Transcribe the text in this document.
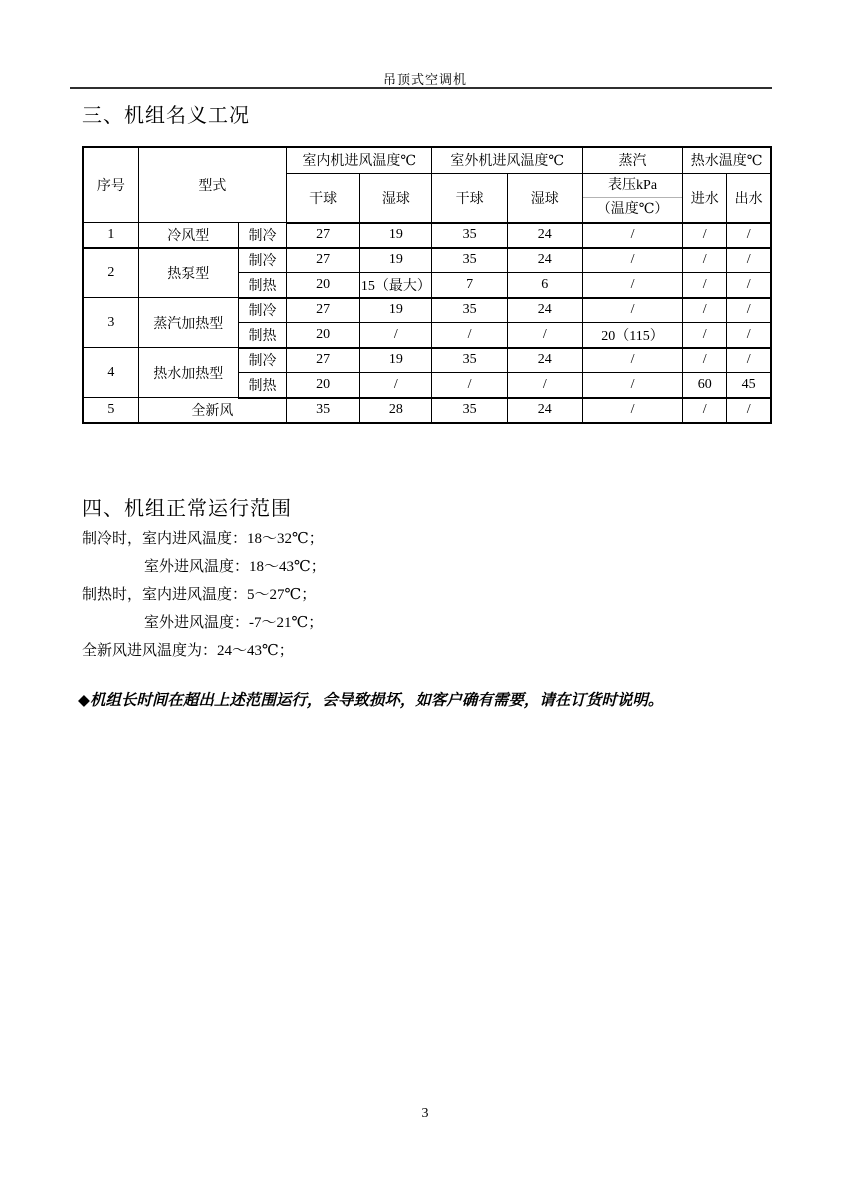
吊顶式空调机
三、机组名义工况
序号	型式		室内机进风温度℃		室外机进风温度℃		蒸汽	热水温度℃	
			干球	湿球	干球	湿球	表压kPa
（温度℃）	进水	出水
1	冷风型	制冷	27	19	35	24	/	/	/
2	热泵型	制冷	27	19	35	24	/	/	/
		制热	20	15（最大）	7	6	/	/	/
3	蒸汽加热型	制冷	27	19	35	24	/	/	/
		制热	20	/	/	/	20（115）	/	/
4	热水加热型	制冷	27	19	35	24	/	/	/
		制热	20	/	/	/	/	60	45
5	全新风		35	28	35	24	/	/	/
四、机组正常运行范围

制冷时，室内进风温度：18～32℃；

室外进风温度：18～43℃；

制热时，室内进风温度：5～27℃；

室外进风温度：-7～21℃；

全新风进风温度为：24～43℃；

◆机组长时间在超出上述范围运行，会导致损坏，如客户确有需要，请在订货时说明。

3
